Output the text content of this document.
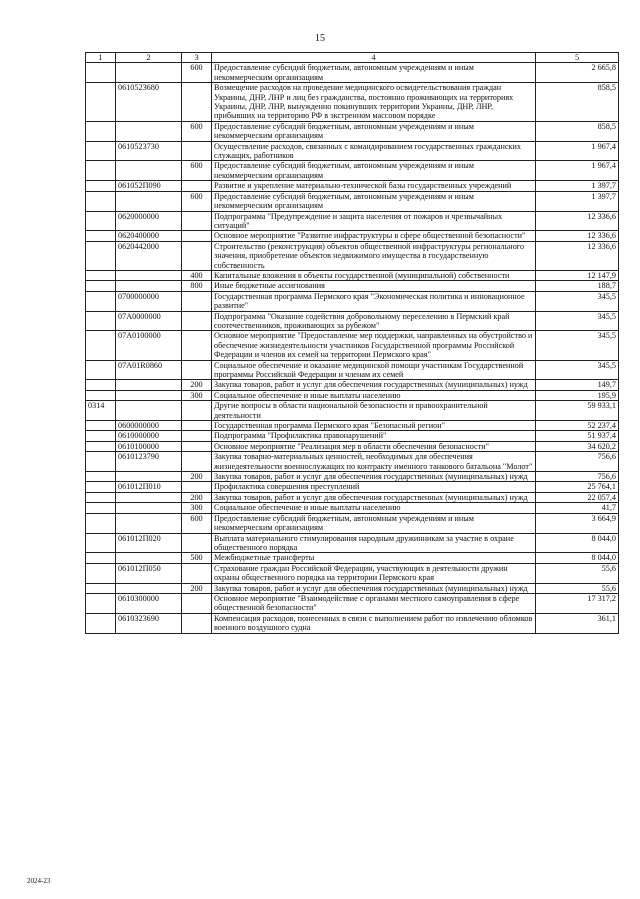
15
1	2	3	4	5
		600	Предоставление субсидий бюджетным, автономным учреждениям и иным некоммерческим организациям	2 665,8
	0610523680		Возмещение расходов на проведение медицинского освидетельствования граждан Украины, ДНР, ЛНР и лиц без гражданства, постоянно проживающих на территориях Украины, ДНР, ЛНР, вынужденно покинувших территории Украины, ДНР, ЛНР, прибывших на территорию РФ в экстренном массовом порядке	858,5
		600	Предоставление субсидий бюджетным, автономным учреждениям и иным некоммерческим организациям	858,5
	0610523730		Осуществление расходов, связанных с командированием государственных гражданских служащих, работников	1 967,4
		600	Предоставление субсидий бюджетным, автономным учреждениям и иным некоммерческим организациям	1 967,4
	061052П090		Развитие и укрепление материально-технической базы государственных учреждений	1 397,7
		600	Предоставление субсидий бюджетным, автономным учреждениям и иным некоммерческим организациям	1 397,7
	0620000000		Подпрограмма "Предупреждение и защита населения от пожаров и чрезвычайных ситуаций"	12 336,6
	0620400000		Основное мероприятие "Развитие инфраструктуры в сфере общественной безопасности"	12 336,6
	0620442000		Строительство (реконструкция) объектов общественной инфраструктуры регионального значения, приобретение объектов недвижимого имущества в государственную собственность	12 336,6
		400	Капитальные вложения в объекты государственной (муниципальной) собственности	12 147,9
		800	Иные бюджетные ассигнования	188,7
	0700000000		Государственная программа Пермского края "Экономическая политика и инновационное развитие"	345,5
	07А0000000		Подпрограмма "Оказание содействия добровольному переселению в Пермский край соотечественников, проживающих за рубежом"	345,5
	07А0100000		Основное мероприятие "Предоставление мер поддержки, направленных на обустройство и обеспечение жизнедеятельности участников Государственной программы Российской Федерации и членов их семей на территории Пермского края"	345,5
	07А01R0860		Социальное обеспечение и оказание медицинской помощи участникам Государственной программы Российской Федерации и членам их семей	345,5
		200	Закупка товаров, работ и услуг для обеспечения государственных (муниципальных) нужд	149,7
		300	Социальное обеспечение и иные выплаты населению	195,9
0314			Другие вопросы в области национальной безопасности и правоохранительной деятельности	59 933,1
	0600000000		Государственная программа Пермского края "Безопасный регион"	52 237,4
	0610000000		Подпрограмма "Профилактика правонарушений"	51 937,4
	0610100000		Основное мероприятие "Реализация мер в области обеспечения безопасности"	34 620,2
	0610123790		Закупка товарно-материальных ценностей, необходимых для обеспечения жизнедеятельности военнослужащих по контракту именного танкового батальона "Молот"	756,6
		200	Закупка товаров, работ и услуг для обеспечения государственных (муниципальных) нужд	756,6
	061012П010		Профилактика совершения преступлений	25 764,1
		200	Закупка товаров, работ и услуг для обеспечения государственных (муниципальных) нужд	22 057,4
		300	Социальное обеспечение и иные выплаты населению	41,7
		600	Предоставление субсидий бюджетным, автономным учреждениям и иным некоммерческим организациям	3 664,9
	061012П020		Выплата материального стимулирования народным дружинникам за участие в охране общественного порядка	8 044,0
		500	Межбюджетные трансферты	8 044,0
	061012П050		Страхование граждан Российской Федерации, участвующих в деятельности дружин охраны общественного порядка на территории Пермского края	55,6
		200	Закупка товаров, работ и услуг для обеспечения государственных (муниципальных) нужд	55,6
	0610300000		Основное мероприятие "Взаимодействие с органами местного самоуправления в сфере общественной безопасности"	17 317,2
	0610323690		Компенсация расходов, понесенных в связи с выполнением работ по извлечению обломков военного воздушного судна	361,1
2024-23
